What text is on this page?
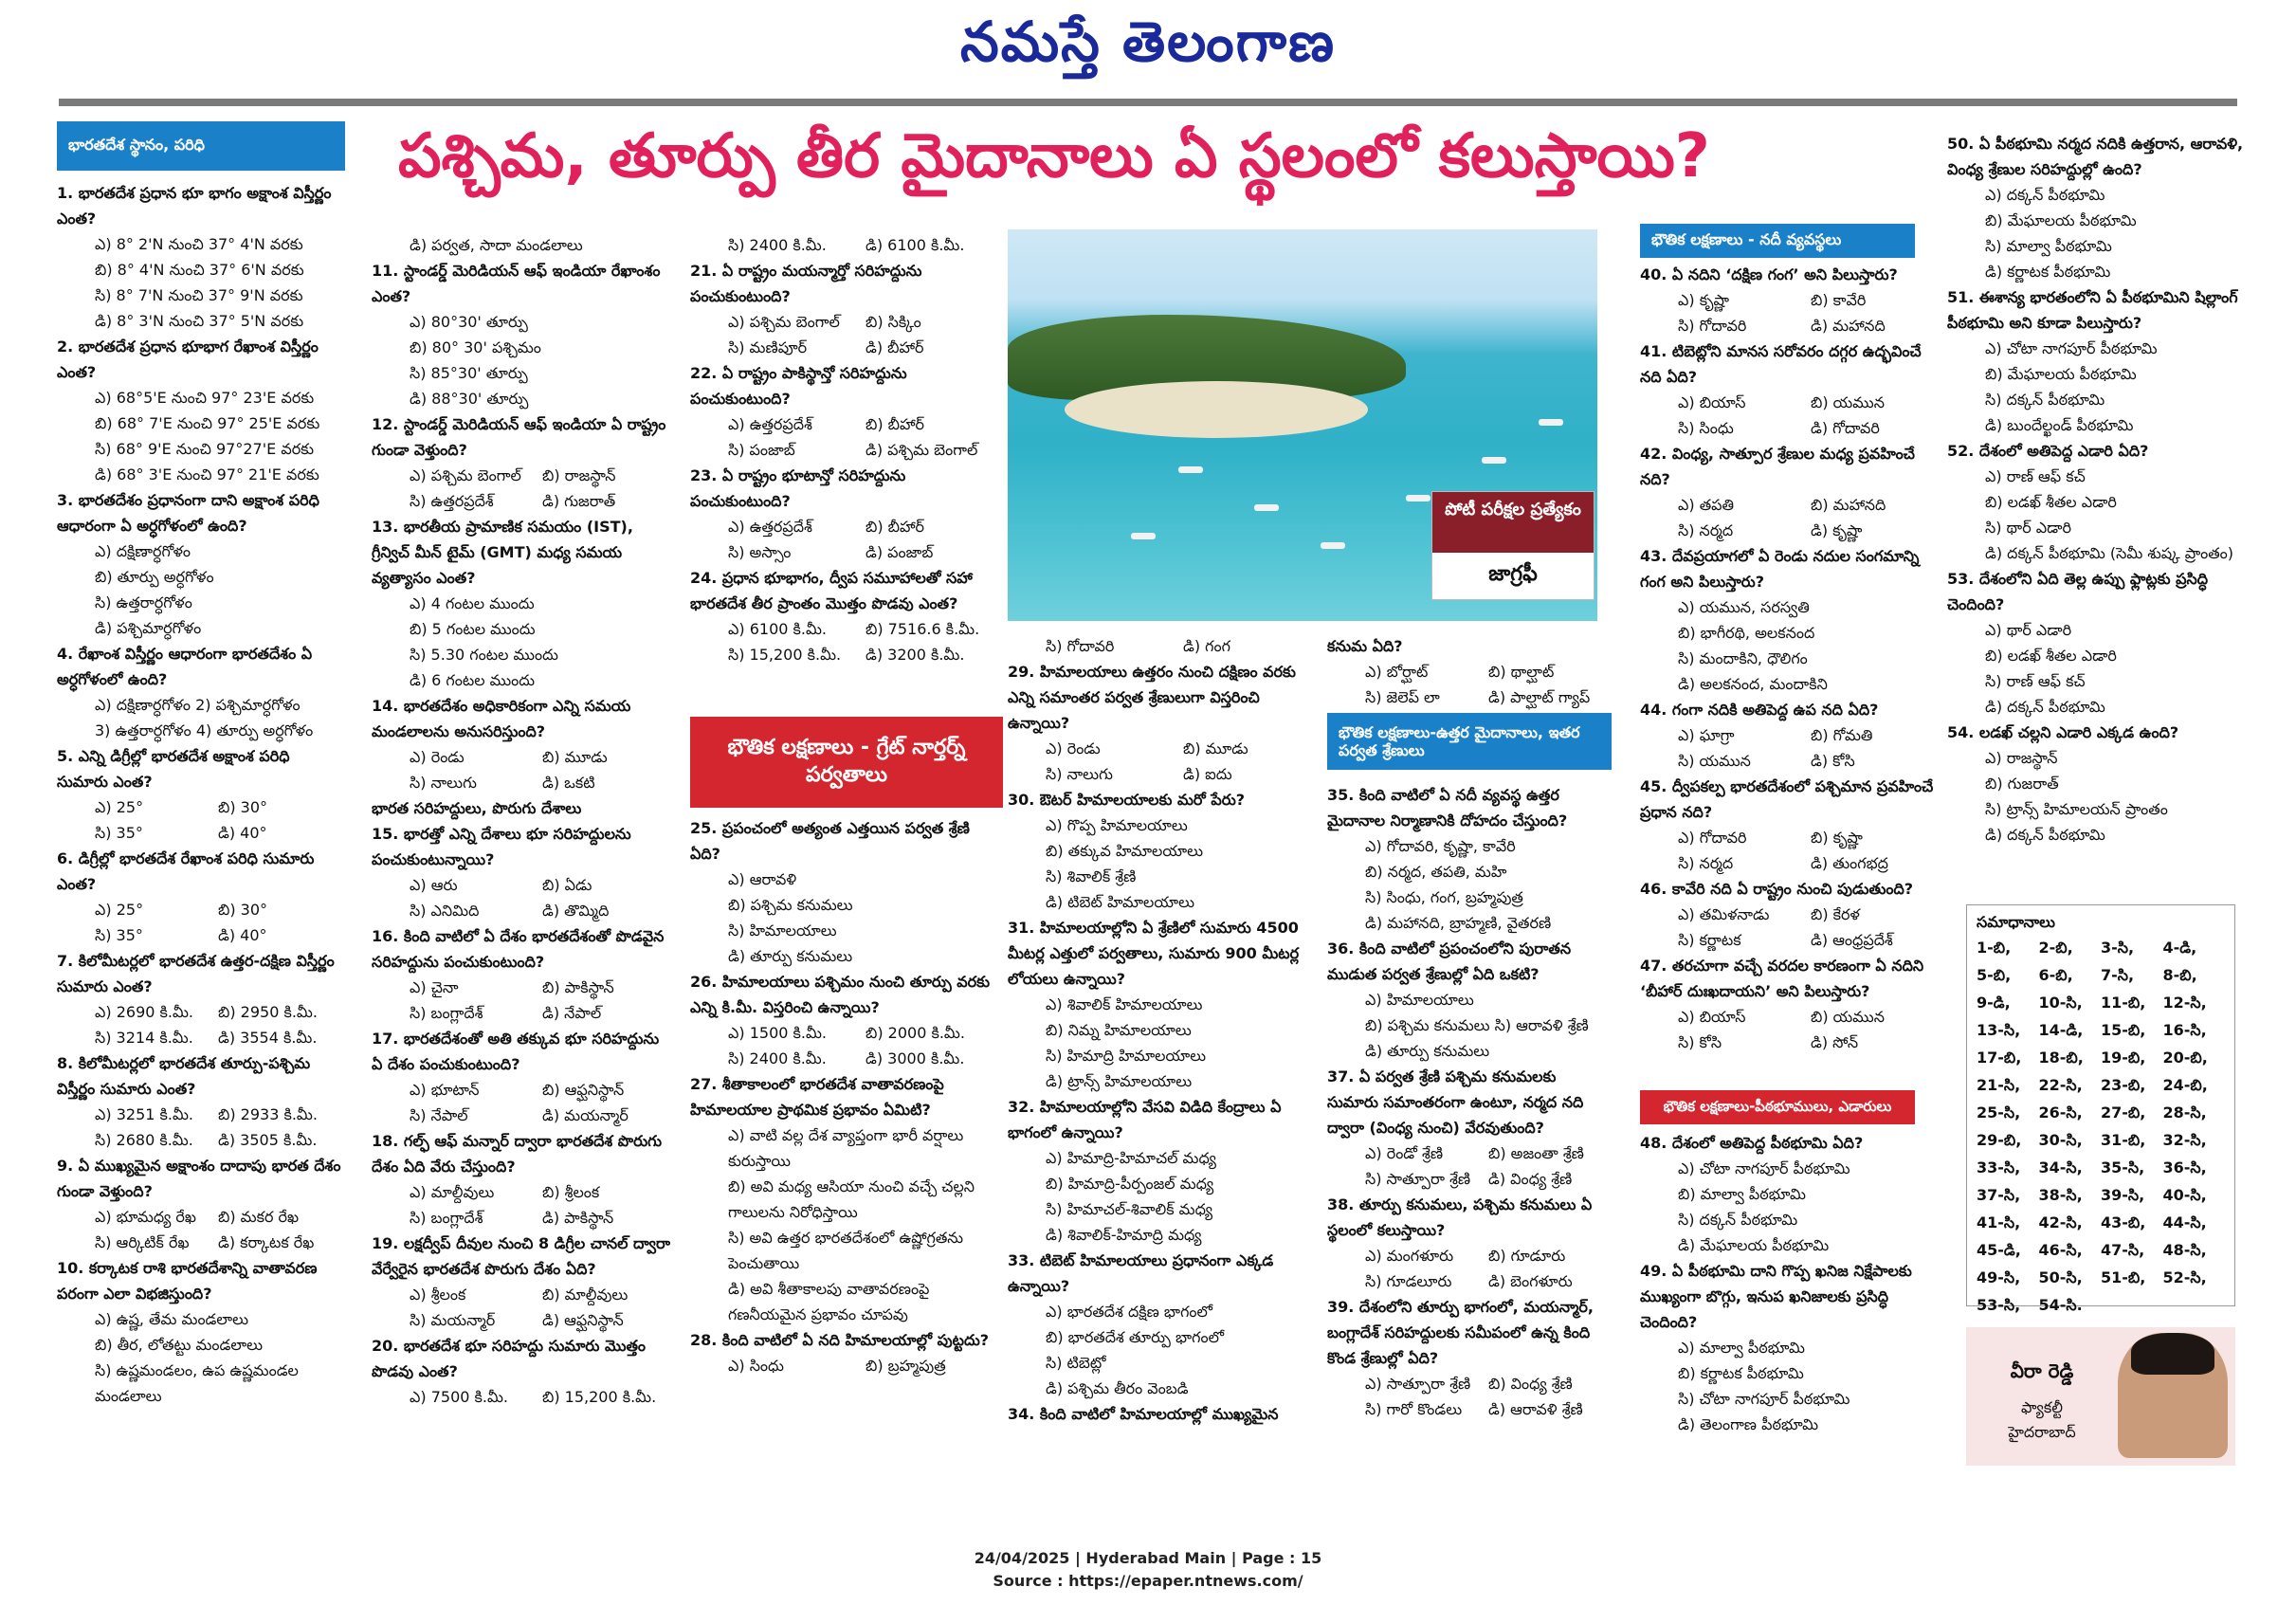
నమస్తే తెలంగాణ
భారతదేశ స్థానం, పరిధి	పశ్చిమ, తూర్పు తీర మైదానాలు ఏ స్థలంలో కలుస్తాయి?
1. భారతదేశ ప్రధాన భూ భాగం అక్షాంశ విస్తీర్ణం ఎంత?
ఎ) 8° 2'N నుంచి 37° 4'N వరకు
బి) 8° 4'N నుంచి 37° 6'N వరకు
సి) 8° 7'N నుంచి 37° 9'N వరకు
డి) 8° 3'N నుంచి 37° 5'N వరకు
2. భారతదేశ ప్రధాన భూభాగ రేఖాంశ విస్తీర్ణం ఎంత?
ఎ) 68°5'E నుంచి 97° 23'E వరకు
బి) 68° 7'E నుంచి 97° 25'E వరకు
సి) 68° 9'E నుంచి 97°27'E వరకు
డి) 68° 3'E నుంచి 97° 21'E వరకు
3. భారతదేశం ప్రధానంగా దాని అక్షాంశ పరిధి ఆధారంగా ఏ అర్ధగోళంలో ఉంది?
ఎ) దక్షిణార్ధగోళం
బి) తూర్పు అర్ధగోళం
సి) ఉత్తరార్ధగోళం
డి) పశ్చిమార్ధగోళం
4. రేఖాంశ విస్తీర్ణం ఆధారంగా భారతదేశం ఏ అర్ధగోళంలో ఉంది?
ఎ) దక్షిణార్ధగోళం 2) పశ్చిమార్ధగోళం
3) ఉత్తరార్ధగోళం 4) తూర్పు అర్ధగోళం
5. ఎన్ని డిగ్రీల్లో భారతదేశ అక్షాంశ పరిధి సుమారు ఎంత?
ఎ) 25°	బి) 30°
సి) 35°	డి) 40°
6. డిగ్రీల్లో భారతదేశ రేఖాంశ పరిధి సుమారు ఎంత?
ఎ) 25°	బి) 30°
సి) 35°	డి) 40°
7. కిలోమీటర్లలో భారతదేశ ఉత్తర-దక్షిణ విస్తీర్ణం సుమారు ఎంత?
ఎ) 2690 కి.మీ.	బి) 2950 కి.మీ.
సి) 3214 కి.మీ.	డి) 3554 కి.మీ.
8. కిలోమీటర్లలో భారతదేశ తూర్పు-పశ్చిమ విస్తీర్ణం సుమారు ఎంత?
ఎ) 3251 కి.మీ.	బి) 2933 కి.మీ.
సి) 2680 కి.మీ.	డి) 3505 కి.మీ.
9. ఏ ముఖ్యమైన అక్షాంశం దాదాపు భారత దేశం గుండా వెళ్తుంది?
ఎ) భూమధ్య రేఖ	బి) మకర రేఖ
సి) ఆర్కిటిక్ రేఖ	డి) కర్కాటక రేఖ
10. కర్కాటక రాశి భారతదేశాన్ని వాతావరణ పరంగా ఎలా విభజిస్తుంది?
ఎ) ఉష్ణ, తేమ మండలాలు
బి) తీర, లోతట్టు మండలాలు
సి) ఉష్ణమండలం, ఉప ఉష్ణమండల మండలాలు
డి) పర్వత, సాదా మండలాలు
11. స్టాండర్డ్ మెరిడియన్ ఆఫ్ ఇండియా రేఖాంశం ఎంత?
ఎ) 80°30' తూర్పు
బి) 80° 30' పశ్చిమం
సి) 85°30' తూర్పు
డి) 88°30' తూర్పు
12. స్టాండర్డ్ మెరిడియన్ ఆఫ్ ఇండియా ఏ రాష్ట్రం గుండా వెళ్తుంది?
ఎ) పశ్చిమ బెంగాల్	బి) రాజస్థాన్
సి) ఉత్తరప్రదేశ్	డి) గుజరాత్
13. భారతీయ ప్రామాణిక సమయం (IST), గ్రీన్విచ్ మీన్ టైమ్ (GMT) మధ్య సమయ వ్యత్యాసం ఎంత?
ఎ) 4 గంటల ముందు
బి) 5 గంటల ముందు
సి) 5.30 గంటల ముందు
డి) 6 గంటల ముందు
14. భారతదేశం అధికారికంగా ఎన్ని సమయ మండలాలను అనుసరిస్తుంది?
ఎ) రెండు	బి) మూడు
సి) నాలుగు	డి) ఒకటి
భారత సరిహద్దులు, పొరుగు దేశాలు
15. భారత్తో ఎన్ని దేశాలు భూ సరిహద్దులను పంచుకుంటున్నాయి?
ఎ) ఆరు	బి) ఏడు
సి) ఎనిమిది	డి) తొమ్మిది
16. కింది వాటిలో ఏ దేశం భారతదేశంతో పొడవైన సరిహద్దును పంచుకుంటుంది?
ఎ) చైనా	బి) పాకిస్థాన్
సి) బంగ్లాదేశ్	డి) నేపాల్
17. భారతదేశంతో అతి తక్కువ భూ సరిహద్దును ఏ దేశం పంచుకుంటుంది?
ఎ) భూటాన్	బి) ఆఫ్ఘనిస్థాన్
సి) నేపాల్	డి) మయన్మార్
18. గల్ఫ్ ఆఫ్ మన్నార్ ద్వారా భారతదేశ పొరుగు దేశం ఏది వేరు చేస్తుంది?
ఎ) మాల్దీవులు	బి) శ్రీలంక
సి) బంగ్లాదేశ్	డి) పాకిస్థాన్
19. లక్షద్వీప్ దీవుల నుంచి 8 డిగ్రీల చానల్ ద్వారా వేర్వేరైన భారతదేశ పొరుగు దేశం ఏది?
ఎ) శ్రీలంక	బి) మాల్దీవులు
సి) మయన్మార్	డి) ఆఫ్ఘనిస్థాన్
20. భారతదేశ భూ సరిహద్దు సుమారు మొత్తం పొడవు ఎంత?
ఎ) 7500 కి.మీ.	బి) 15,200 కి.మీ.
సి) 2400 కి.మీ.	డి) 6100 కి.మీ.
21. ఏ రాష్ట్రం మయన్మార్తో సరిహద్దును పంచుకుంటుంది?
ఎ) పశ్చిమ బెంగాల్	బి) సిక్కిం
సి) మణిపూర్	డి) బీహార్
22. ఏ రాష్ట్రం పాకిస్థాన్తో సరిహద్దును పంచుకుంటుంది?
ఎ) ఉత్తరప్రదేశ్	బి) బీహార్
సి) పంజాబ్	డి) పశ్చిమ బెంగాల్
23. ఏ రాష్ట్రం భూటాన్తో సరిహద్దును పంచుకుంటుంది?
ఎ) ఉత్తరప్రదేశ్	బి) బీహార్
సి) అస్సాం	డి) పంజాబ్
24. ప్రధాన భూభాగం, ద్వీప సమూహాలతో సహా భారతదేశ తీర ప్రాంతం మొత్తం పొడవు ఎంత?
ఎ) 6100 కి.మీ.	బి) 7516.6 కి.మీ.
సి) 15,200 కి.మీ.	డి) 3200 కి.మీ.
భౌతిక లక్షణాలు - గ్రేట్ నార్తర్న్ పర్వతాలు
25. ప్రపంచంలో అత్యంత ఎత్తయిన పర్వత శ్రేణి ఏది?
ఎ) ఆరావళి
బి) పశ్చిమ కనుమలు
సి) హిమాలయాలు
డి) తూర్పు కనుమలు
26. హిమాలయాలు పశ్చిమం నుంచి తూర్పు వరకు ఎన్ని కి.మీ. విస్తరించి ఉన్నాయి?
ఎ) 1500 కి.మీ.	బి) 2000 కి.మీ.
సి) 2400 కి.మీ.	డి) 3000 కి.మీ.
27. శీతాకాలంలో భారతదేశ వాతావరణంపై హిమాలయాల ప్రాథమిక ప్రభావం ఏమిటి?
ఎ) వాటి వల్ల దేశ వ్యాప్తంగా భారీ వర్షాలు కురుస్తాయి
బి) అవి మధ్య ఆసియా నుంచి వచ్చే చల్లని గాలులను నిరోధిస్తాయి
సి) అవి ఉత్తర భారతదేశంలో ఉష్ణోగ్రతను పెంచుతాయి
డి) అవి శీతాకాలపు వాతావరణంపై గణనీయమైన ప్రభావం చూపవు
28. కింది వాటిలో ఏ నది హిమాలయాల్లో పుట్టదు?
ఎ) సింధు	బి) బ్రహ్మపుత్ర
పోటీ పరీక్షల ప్రత్యేకం
జాగ్రఫీ
సి) గోదావరి	డి) గంగ
29. హిమాలయాలు ఉత్తరం నుంచి దక్షిణం వరకు ఎన్ని సమాంతర పర్వత శ్రేణులుగా విస్తరించి ఉన్నాయి?
ఎ) రెండు	బి) మూడు
సి) నాలుగు	డి) ఐదు
30. ఔటర్ హిమాలయాలకు మరో పేరు?
ఎ) గొప్ప హిమాలయాలు
బి) తక్కువ హిమాలయాలు
సి) శివాలిక్ శ్రేణి
డి) టిబెట్ హిమాలయాలు
31. హిమాలయాల్లోని ఏ శ్రేణిలో సుమారు 4500 మీటర్ల ఎత్తులో పర్వతాలు, సుమారు 900 మీటర్ల లోయలు ఉన్నాయి?
ఎ) శివాలిక్ హిమాలయాలు
బి) నిమ్న హిమాలయాలు
సి) హిమాద్రి హిమాలయాలు
డి) ట్రాన్స్ హిమాలయాలు
32. హిమాలయాల్లోని వేసవి విడిది కేంద్రాలు ఏ భాగంలో ఉన్నాయి?
ఎ) హిమాద్రి-హిమాచల్ మధ్య
బి) హిమాద్రి-పీర్పంజల్ మధ్య
సి) హిమాచల్-శివాలిక్ మధ్య
డి) శివాలిక్-హిమాద్రి మధ్య
33. టిబెట్ హిమాలయాలు ప్రధానంగా ఎక్కడ ఉన్నాయి?
ఎ) భారతదేశ దక్షిణ భాగంలో
బి) భారతదేశ తూర్పు భాగంలో
సి) టిబెట్లో
డి) పశ్చిమ తీరం వెంబడి
34. కింది వాటిలో హిమాలయాల్లో ముఖ్యమైన
కనుమ ఏది?
ఎ) బోర్ఘాట్	బి) థాల్ఘాట్
సి) జెలెప్ లా	డి) పాల్ఘాట్ గ్యాప్
భౌతిక లక్షణాలు-ఉత్తర మైదానాలు, ఇతర పర్వత శ్రేణులు
35. కింది వాటిలో ఏ నదీ వ్యవస్థ ఉత్తర మైదానాల నిర్మాణానికి దోహదం చేస్తుంది?
ఎ) గోదావరి, కృష్ణా, కావేరి
బి) నర్మద, తపతి, మహి
సి) సింధు, గంగ, బ్రహ్మపుత్ర
డి) మహానది, బ్రాహ్మణి, వైతరణి
36. కింది వాటిలో ప్రపంచంలోని పురాతన ముడుత పర్వత శ్రేణుల్లో ఏది ఒకటి?
ఎ) హిమాలయాలు
బి) పశ్చిమ కనుమలు సి) ఆరావళి శ్రేణి
డి) తూర్పు కనుమలు
37. ఏ పర్వత శ్రేణి పశ్చిమ కనుమలకు సుమారు సమాంతరంగా ఉంటూ, నర్మద నది ద్వారా (వింధ్య నుంచి) వేరవుతుంది?
ఎ) రెండో శ్రేణి	బి) అజంతా శ్రేణి
సి) సాత్పూరా శ్రేణి	డి) వింధ్య శ్రేణి
38. తూర్పు కనుమలు, పశ్చిమ కనుమలు ఏ స్థలంలో కలుస్తాయి?
ఎ) మంగళూరు	బి) గూడూరు
సి) గూడలూరు	డి) బెంగళూరు
39. దేశంలోని తూర్పు భాగంలో, మయన్మార్, బంగ్లాదేశ్ సరిహద్దులకు సమీపంలో ఉన్న కింది కొండ శ్రేణుల్లో ఏది?
ఎ) సాత్పూరా శ్రేణి	బి) వింధ్య శ్రేణి
సి) గారో కొండలు	డి) ఆరావళి శ్రేణి
భౌతిక లక్షణాలు - నదీ వ్యవస్థలు
40. ఏ నదిని ‘దక్షిణ గంగ’ అని పిలుస్తారు?
ఎ) కృష్ణా	బి) కావేరి
సి) గోదావరి	డి) మహానది
41. టిబెట్లోని మానస సరోవరం దగ్గర ఉద్భవించే నది ఏది?
ఎ) బియాస్	బి) యమున
సి) సింధు	డి) గోదావరి
42. వింధ్య, సాత్పూర శ్రేణుల మధ్య ప్రవహించే నది?
ఎ) తపతి	బి) మహానది
సి) నర్మద	డి) కృష్ణా
43. దేవప్రయాగలో ఏ రెండు నదుల సంగమాన్ని గంగ అని పిలుస్తారు?
ఎ) యమున, సరస్వతి
బి) భాగీరథి, అలకనంద
సి) మందాకిని, ధౌలిగం
డి) అలకనంద, మందాకిని
44. గంగా నదికి అతిపెద్ద ఉప నది ఏది?
ఎ) ఘాగ్రా	బి) గోమతి
సి) యమున	డి) కోసి
45. ద్వీపకల్ప భారతదేశంలో పశ్చిమాన ప్రవహించే ప్రధాన నది?
ఎ) గోదావరి	బి) కృష్ణా
సి) నర్మద	డి) తుంగభద్ర
46. కావేరి నది ఏ రాష్ట్రం నుంచి పుడుతుంది?
ఎ) తమిళనాడు	బి) కేరళ
సి) కర్ణాటక	డి) ఆంధ్రప్రదేశ్
47. తరచూగా వచ్చే వరదల కారణంగా ఏ నదిని ‘బీహార్ దుఃఖదాయని’ అని పిలుస్తారు?
ఎ) బియాస్	బి) యమున
సి) కోసి	డి) సోన్
భౌతిక లక్షణాలు-పీఠభూములు, ఎడారులు
48. దేశంలో అతిపెద్ద పీఠభూమి ఏది?
ఎ) చోటా నాగపూర్ పీఠభూమి
బి) మాల్వా పీఠభూమి
సి) దక్కన్ పీఠభూమి
డి) మేఘాలయ పీఠభూమి
49. ఏ పీఠభూమి దాని గొప్ప ఖనిజ నిక్షేపాలకు ముఖ్యంగా బొగ్గు, ఇనుప ఖనిజాలకు ప్రసిద్ధి చెందింది?
ఎ) మాల్వా పీఠభూమి
బి) కర్ణాటక పీఠభూమి
సి) చోటా నాగపూర్ పీఠభూమి
డి) తెలంగాణ పీఠభూమి
50. ఏ పీఠభూమి నర్మద నదికి ఉత్తరాన, ఆరావళి, వింధ్య శ్రేణుల సరిహద్దుల్లో ఉంది?
ఎ) దక్కన్ పీఠభూమి
బి) మేఘాలయ పీఠభూమి
సి) మాల్వా పీఠభూమి
డి) కర్ణాటక పీఠభూమి
51. ఈశాన్య భారతంలోని ఏ పీఠభూమిని షిల్లాంగ్ పీఠభూమి అని కూడా పిలుస్తారు?
ఎ) చోటా నాగపూర్ పీఠభూమి
బి) మేఘాలయ పీఠభూమి
సి) దక్కన్ పీఠభూమి
డి) బుందేల్ఖండ్ పీఠభూమి
52. దేశంలో అతిపెద్ద ఎడారి ఏది?
ఎ) రాణ్ ఆఫ్ కచ్
బి) లడఖ్ శీతల ఎడారి
సి) థార్ ఎడారి
డి) దక్కన్ పీఠభూమి (సెమీ శుష్క ప్రాంతం)
53. దేశంలోని ఏది తెల్ల ఉప్పు ఫ్లాట్లకు ప్రసిద్ధి చెందింది?
ఎ) థార్ ఎడారి
బి) లడఖ్ శీతల ఎడారి
సి) రాణ్ ఆఫ్ కచ్
డి) దక్కన్ పీఠభూమి
54. లడఖ్ చల్లని ఎడారి ఎక్కడ ఉంది?
ఎ) రాజస్థాన్
బి) గుజరాత్
సి) ట్రాన్స్ హిమాలయన్ ప్రాంతం
డి) దక్కన్ పీఠభూమి
సమాధానాలు
1-బి,	2-బి,	3-సి,	4-డి,
5-బి,	6-బి,	7-సి,	8-బి,
9-డి,	10-సి,	11-బి,	12-సి,
13-సి,	14-డి,	15-బి,	16-సి,
17-బి,	18-బి,	19-బి,	20-బి,
21-సి,	22-సి,	23-బి,	24-బి,
25-సి,	26-సి,	27-బి,	28-సి,
29-బి,	30-సి,	31-బి,	32-సి,
33-సి,	34-సి,	35-సి,	36-సి,
37-సి,	38-సి,	39-సి,	40-సి,
41-సి,	42-సి,	43-బి,	44-సి,
45-డి,	46-సి,	47-సి,	48-సి,
49-సి,	50-సి,	51-బి,	52-సి,
53-సి,	54-సి.
వీరా రెడ్డి
ఫ్యాకల్టీ
హైదరాబాద్
24/04/2025 | Hyderabad Main | Page : 15
Source : https://epaper.ntnews.com/
